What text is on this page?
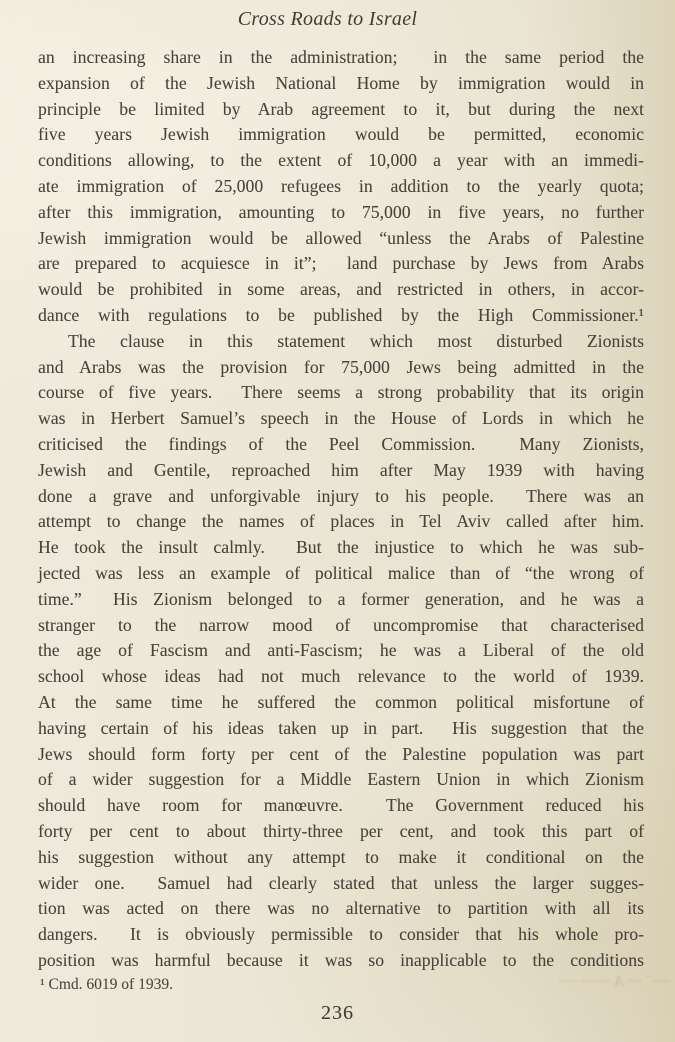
Cross Roads to Israel
an increasing share in the administration;  in the same period the
expansion of the Jewish National Home by immigration would in
principle be limited by Arab agreement to it, but during the next
five years Jewish immigration would be permitted, economic
conditions allowing, to the extent of 10,000 a year with an immedi-
ate immigration of 25,000 refugees in addition to the yearly quota;
after this immigration, amounting to 75,000 in five years, no further
Jewish immigration would be allowed “unless the Arabs of Palestine
are prepared to acquiesce in it”;  land purchase by Jews from Arabs
would be prohibited in some areas, and restricted in others, in accor-
dance with regulations to be published by the High Commissioner.¹
The clause in this statement which most disturbed Zionists
and Arabs was the provision for 75,000 Jews being admitted in the
course of five years.  There seems a strong probability that its origin
was in Herbert Samuel’s speech in the House of Lords in which he
criticised the findings of the Peel Commission.  Many Zionists,
Jewish and Gentile, reproached him after May 1939 with having
done a grave and unforgivable injury to his people.  There was an
attempt to change the names of places in Tel Aviv called after him.
He took the insult calmly.  But the injustice to which he was sub-
jected was less an example of political malice than of “the wrong of
time.”  His Zionism belonged to a former generation, and he was a
stranger to the narrow mood of uncompromise that characterised
the age of Fascism and anti-Fascism; he was a Liberal of the old
school whose ideas had not much relevance to the world of 1939.
At the same time he suffered the common political misfortune of
having certain of his ideas taken up in part.  His suggestion that the
Jews should form forty per cent of the Palestine population was part
of a wider suggestion for a Middle Eastern Union in which Zionism
should have room for manœuvre.  The Government reduced his
forty per cent to about thirty-three per cent, and took this part of
his suggestion without any attempt to make it conditional on the
wider one.  Samuel had clearly stated that unless the larger sugges-
tion was acted on there was no alternative to partition with all its
dangers.  It is obviously permissible to consider that his whole pro-
position was harmful because it was so inapplicable to the conditions
·····˙ ···· A ········ ·····
¹ Cmd. 6019 of 1939.
236
